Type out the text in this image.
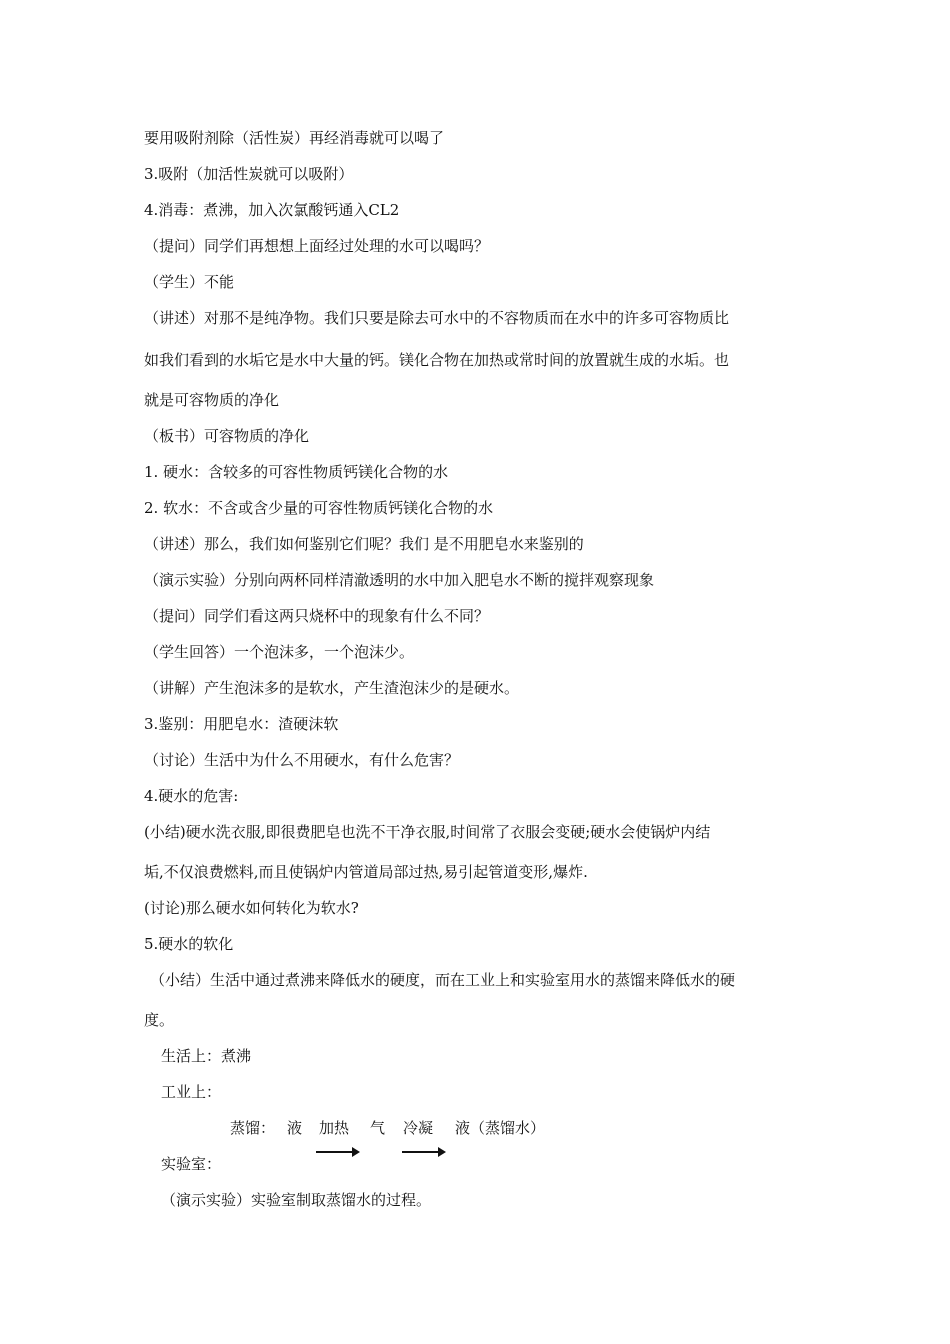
要用吸附剂除（活性炭）再经消毒就可以喝了
3.吸附（加活性炭就可以吸附）
4.消毒：煮沸，加入次氯酸钙通入CL2
（提问）同学们再想想上面经过处理的水可以喝吗？
（学生）不能
（讲述）对那不是纯净物。我们只要是除去可水中的不容物质而在水中的许多可容物质比
如我们看到的水垢它是水中大量的钙。镁化合物在加热或常时间的放置就生成的水垢。也
就是可容物质的净化
（板书）可容物质的净化
1. 硬水：含较多的可容性物质钙镁化合物的水
2. 软水：不含或含少量的可容性物质钙镁化合物的水
（讲述）那么，我们如何鉴别它们呢？我们 是不用肥皂水来鉴别的
（演示实验）分别向两杯同样清澈透明的水中加入肥皂水不断的搅拌观察现象
（提问）同学们看这两只烧杯中的现象有什么不同？
（学生回答）一个泡沫多，一个泡沫少。
（讲解）产生泡沫多的是软水，产生渣泡沫少的是硬水。
3.鉴别：用肥皂水：渣硬沫软
（讨论）生活中为什么不用硬水，有什么危害？
4.硬水的危害:
(小结)硬水洗衣服,即很费肥皂也洗不干净衣服,时间常了衣服会变硬;硬水会使锅炉内结
垢,不仅浪费燃料,而且使锅炉内管道局部过热,易引起管道变形,爆炸.
(讨论)那么硬水如何转化为软水?
5.硬水的软化
（小结）生活中通过煮沸来降低水的硬度，而在工业上和实验室用水的蒸馏来降低水的硬
度。
生活上：煮沸
工业上：
蒸馏： 液 加热 气 冷凝 液（蒸馏水）
实验室：
（演示实验）实验室制取蒸馏水的过程。
